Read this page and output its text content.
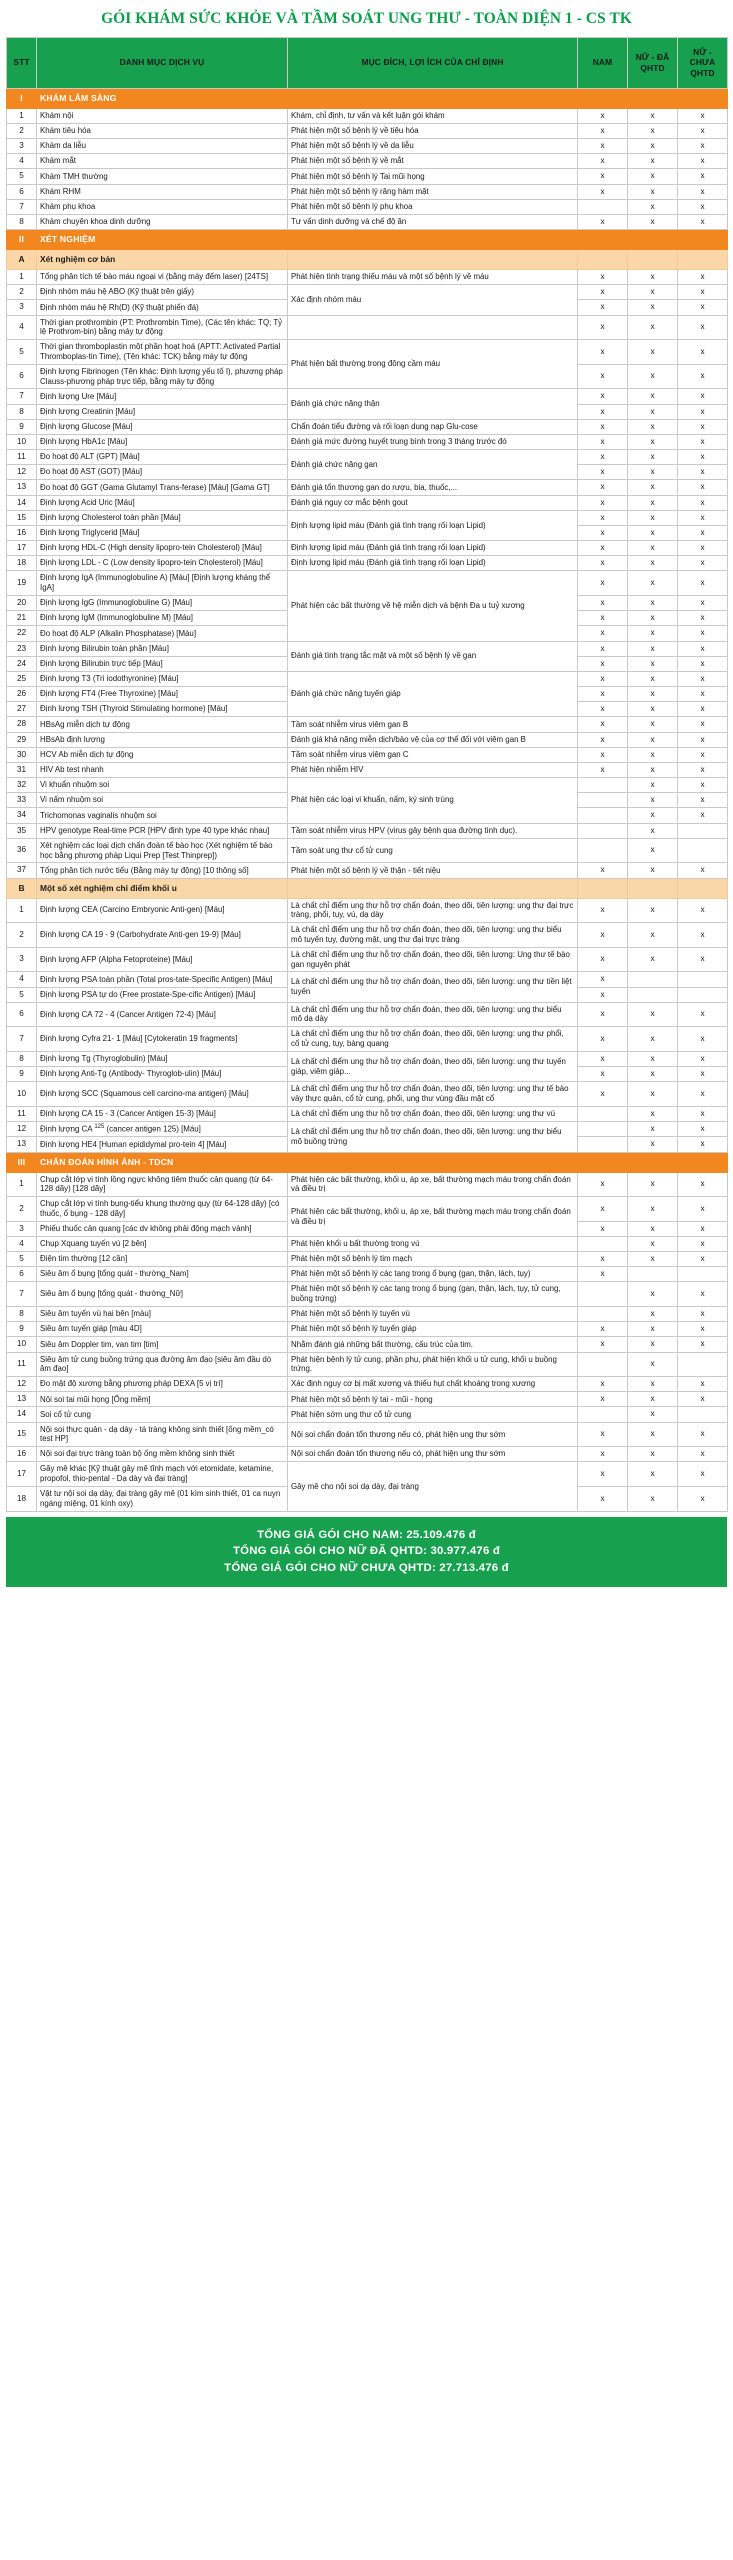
GÓI KHÁM SỨC KHỎE VÀ TẦM SOÁT UNG THƯ - TOÀN DIỆN 1 - CS TK
STT	DANH MỤC DỊCH VỤ	MỤC ĐÍCH, LỢI ÍCH CỦA CHỈ ĐỊNH	NAM	NỮ - ĐÃ QHTD	NỮ - CHƯA QHTD
I	KHÁM LÂM SÀNG				
1	Khám nội	Khám, chỉ định, tư vấn và kết luận gói khám	x	x	x
2	Khám tiêu hóa	Phát hiện một số bệnh lý về tiêu hóa	x	x	x
3	Khám da liễu	Phát hiện một số bệnh lý về da liễu	x	x	x
4	Khám mắt	Phát hiện một số bệnh lý về mắt	x	x	x
5	Khám TMH thường	Phát hiện một số bệnh lý Tai mũi họng	x	x	x
6	Khám RHM	Phát hiện một số bệnh lý răng hàm mặt	x	x	x
7	Khám phụ khoa	Phát hiện một số bệnh lý phụ khoa		x	x
8	Khám chuyên khoa dinh dưỡng	Tư vấn dinh dưỡng và chế độ ăn	x	x	x
II	XÉT NGHIỆM				
A	Xét nghiệm cơ bản				
1	Tổng phân tích tế bào máu ngoại vi (bằng máy đếm laser) [24TS]	Phát hiện tình trạng thiếu máu và một số bệnh lý về máu	x	x	x
2	Định nhóm máu hệ ABO (Kỹ thuật trên giấy)	Xác định nhóm máu	x	x	x
3	Định nhóm máu hệ Rh(D) (Kỹ thuật phiến đá)		x	x	x
4	Thời gian prothrombin (PT: Prothrombin Time), (Các tên khác: TQ; Tỷ lệ Prothrom-bin) bằng máy tự động		x	x	x
5	Thời gian thromboplastin một phần hoạt hoá (APTT: Activated Partial Thromboplas-tin Time), (Tên khác: TCK) bằng máy tự động	Phát hiện bất thường trong đông cầm máu	x	x	x
6	Định lượng Fibrinogen (Tên khác: Định lượng yếu tố I), phương pháp Clauss-phương pháp trực tiếp, bằng máy tự động		x	x	x
7	Định lượng Ure [Máu]	Đánh giá chức năng thận	x	x	x
8	Định lượng Creatinin [Máu]		x	x	x
9	Định lượng Glucose [Máu]	Chẩn đoán tiểu đường và rối loạn dung nạp Glu-cose	x	x	x
10	Định lượng HbA1c [Máu]	Đánh giá mức đường huyết trung bình trong 3 tháng trước đó	x	x	x
11	Đo hoạt độ ALT (GPT) [Máu]	Đánh giá chức năng gan	x	x	x
12	Đo hoạt độ AST (GOT) [Máu]		x	x	x
13	Đo hoạt độ GGT (Gama Glutamyl Trans-ferase) [Máu] [Gama GT]	Đánh giá tổn thương gan do rượu, bia, thuốc,...	x	x	x
14	Định lượng Acid Uric [Máu]	Đánh giá nguy cơ mắc bệnh gout	x	x	x
15	Định lượng Cholesterol toàn phần [Máu]	Định lượng lipid máu (Đánh giá tình trạng rối loạn Lipid)	x	x	x
16	Định lượng Triglycerid [Máu]		x	x	x
17	Định lượng HDL-C (High density lipopro-tein Cholesterol) [Máu]	Định lượng lipid máu (Đánh giá tình trạng rối loạn Lipid)	x	x	x
18	Định lượng LDL - C (Low density lipopro-tein Cholesterol) [Máu]	Định lượng lipid máu (Đánh giá tình trạng rối loạn Lipid)	x	x	x
19	Định lượng IgA (Immunoglobuline A) [Máu] [Định lượng kháng thể IgA]	Phát hiện các bất thường về hệ miễn dịch và bệnh Đa u tuỷ xương	x	x	x
20	Định lượng IgG (Immunoglobuline G) [Máu]		x	x	x
21	Định lượng IgM (Immunoglobuline M) [Máu]		x	x	x
22	Đo hoạt độ ALP (Alkalin Phosphatase) [Máu]		x	x	x
23	Định lượng Bilirubin toàn phần [Máu]	Đánh giá tình trạng tắc mật và một số bệnh lý về gan	x	x	x
24	Định lượng Bilirubin trực tiếp [Máu]		x	x	x
25	Định lượng T3 (Tri iodothyronine) [Máu]	Đánh giá chức năng tuyến giáp	x	x	x
26	Định lượng FT4 (Free Thyroxine) [Máu]		x	x	x
27	Định lượng TSH (Thyroid Stimulating hormone) [Máu]		x	x	x
28	HBsAg miễn dịch tự động	Tầm soát nhiễm virus viêm gan B	x	x	x
29	HBsAb định lượng	Đánh giá khả năng miễn dịch/bảo vệ của cơ thể đối với viêm gan B	x	x	x
30	HCV Ab miễn dịch tự động	Tầm soát nhiễm virus viêm gan C	x	x	x
31	HIV Ab test nhanh	Phát hiện nhiễm HIV	x	x	x
32	Vi khuẩn nhuộm soi	Phát hiện các loại vi khuẩn, nấm, ký sinh trùng		x	x
33	Vi nấm nhuộm soi			x	x
34	Trichomonas vaginalis nhuộm soi			x	x
35	HPV genotype Real-time PCR [HPV định type 40 type khác nhau]	Tầm soát nhiễm virus HPV (virus gây bệnh qua đường tình dục).		x	
36	Xét nghiệm các loại dịch chẩn đoán tế bào học (Xét nghiệm tế bào học bằng phương pháp Liqui Prep [Test Thinprep])	Tầm soát ung thư cổ tử cung		x	
37	Tổng phân tích nước tiểu (Bằng máy tự động) [10 thông số]	Phát hiện một số bệnh lý về thận - tiết niệu	x	x	x
B	Một số xét nghiệm chỉ điểm khối u				
1	Định lượng CEA (Carcino Embryonic Anti-gen) [Máu]	Là chất chỉ điểm ung thư hỗ trợ chẩn đoán, theo dõi, tiên lượng: ung thư đại trực tràng, phổi, tụy, vú, dạ dày	x	x	x
2	Định lượng CA 19 - 9 (Carbohydrate Anti-gen 19-9) [Máu]	Là chất chỉ điểm ung thư hỗ trợ chẩn đoán, theo dõi, tiên lượng: ung thư biểu mô tuyến tụy, đường mật, ung thư đại trực tràng	x	x	x
3	Định lượng AFP (Alpha Fetoproteine) [Máu]	Là chất chỉ điểm ung thư hỗ trợ chẩn đoán, theo dõi, tiên lượng: Ung thư tế bào gan nguyên phát	x	x	x
4	Định lượng PSA toàn phần (Total pros-tate-Specific Antigen) [Máu]	Là chất chỉ điểm ung thư hỗ trợ chẩn đoán, theo dõi, tiên lượng: ung thư tiền liệt tuyến	x		
5	Định lượng PSA tự do (Free prostate-Spe-cific Antigen) [Máu]		x		
6	Định lượng CA 72 - 4 (Cancer Antigen 72-4) [Máu]	Là chất chỉ điểm ung thư hỗ trợ chẩn đoán, theo dõi, tiên lượng: ung thư biểu mô dạ dày	x	x	x
7	Định lượng Cyfra 21- 1 [Máu] [Cytokeratin 19 fragments]	Là chất chỉ điểm ung thư hỗ trợ chẩn đoán, theo dõi, tiên lượng: ung thư phổi, cổ tử cung, tụy, bàng quang	x	x	x
8	Định lượng Tg (Thyroglobulin) [Máu]	Là chất chỉ điểm ung thư hỗ trợ chẩn đoán, theo dõi, tiên lượng: ung thư tuyến giáp, viêm giáp...	x	x	x
9	Định lượng Anti-Tg (Antibody- Thyroglob-ulin) [Máu]		x	x	x
10	Định lượng SCC (Squamous cell carcino-ma antigen) [Máu]	Là chất chỉ điểm ung thư hỗ trợ chẩn đoán, theo dõi, tiên lượng: ung thư tế bào vảy thực quản, cổ tử cung, phổi, ung thư vùng đầu mặt cổ	x	x	x
11	Định lượng CA 15 - 3 (Cancer Antigen 15-3) [Máu]	Là chất chỉ điểm ung thư hỗ trợ chẩn đoán, theo dõi, tiên lượng: ung thư vú		x	x
12	Định lượng CA $^{125}$ (cancer antigen 125) [Máu]	Là chất chỉ điểm ung thư hỗ trợ chẩn đoán, theo dõi, tiên lượng: ung thư biểu mô buồng trứng		x	x
13	Định lượng HE4 [Human epididymal pro-tein 4] [Máu]			x	x
III	CHẨN ĐOÁN HÌNH ẢNH - TDCN				
1	Chụp cắt lớp vi tính lồng ngực không tiêm thuốc cản quang (từ 64- 128 dãy) [128 dãy]	Phát hiện các bất thường, khối u, áp xe, bất thường mạch máu trong chẩn đoán và điều trị	x	x	x
2	Chụp cắt lớp vi tính bụng-tiểu khung thường quy (từ 64-128 dãy) [có thuốc, ổ bụng - 128 dãy]	Phát hiện các bất thường, khối u, áp xe, bất thường mạch máu trong chẩn đoán và điều trị	x	x	x
3	Phiếu thuốc cản quang [các dv không phải động mạch vành]		x	x	x
4	Chụp Xquang tuyến vú [2 bên]	Phát hiện khối u bất thường trong vú		x	x
5	Điện tim thường [12 cần]	Phát hiện một số bệnh lý tim mạch	x	x	x
6	Siêu âm ổ bụng [tổng quát - thường_Nam]	Phát hiện một số bệnh lý các tạng trong ổ bụng (gan, thận, lách, tụy)	x		
7	Siêu âm ổ bụng [tổng quát - thường_Nữ]	Phát hiện một số bệnh lý các tạng trong ổ bụng (gan, thận, lách, tụy, tử cung, buồng trứng)		x	x
8	Siêu âm tuyến vú hai bên [màu]	Phát hiện một số bệnh lý tuyến vú		x	x
9	Siêu âm tuyến giáp [màu 4D]	Phát hiện một số bệnh lý tuyến giáp	x	x	x
10	Siêu âm Doppler tim, van tim [tim]	Nhằm đánh giá những bất thường, cấu trúc của tim.	x	x	x
11	Siêu âm tử cung buồng trứng qua đường âm đạo [siêu âm đầu dò âm đạo]	Phát hiện bệnh lý tử cung, phần phụ, phát hiện khối u tử cung, khối u buồng trứng.		x	
12	Đo mật độ xương bằng phương pháp DEXA [5 vị trí]	Xác định nguy cơ bị mất xương và thiếu hụt chất khoáng trong xương	x	x	x
13	Nội soi tai mũi họng [Ống mềm]	Phát hiện một số bệnh lý tai - mũi - họng	x	x	x
14	Soi cổ tử cung	Phát hiện sớm ung thư cổ tử cung		x	
15	Nội soi thực quản - dạ dày - tá tràng không sinh thiết [ống mềm_có test HP]	Nội soi chẩn đoán tổn thương nếu có, phát hiện ung thư sớm	x	x	x
16	Nội soi đại trực tràng toàn bộ ống mềm không sinh thiết	Nội soi chẩn đoán tổn thương nếu có, phát hiện ung thư sớm	x	x	x
17	Gây mê khác [Kỹ thuật gây mê tĩnh mạch với etomidate, ketamine, propofol, thio-pental - Dạ dày và đại tràng]	Gây mê cho nội soi dạ dày, đại tràng	x	x	x
18	Vật tư nội soi dạ dày, đại tràng gây mê (01 kìm sinh thiết, 01 ca nuyn ngáng miệng, 01 kính oxy)		x	x	x
TỔNG GIÁ GÓI CHO NAM: 25.109.476 đ
TỔNG GIÁ GÓI CHO NỮ ĐÃ QHTD: 30.977.476 đ
TỔNG GIÁ GÓI CHO NỮ CHƯA QHTD: 27.713.476 đ
